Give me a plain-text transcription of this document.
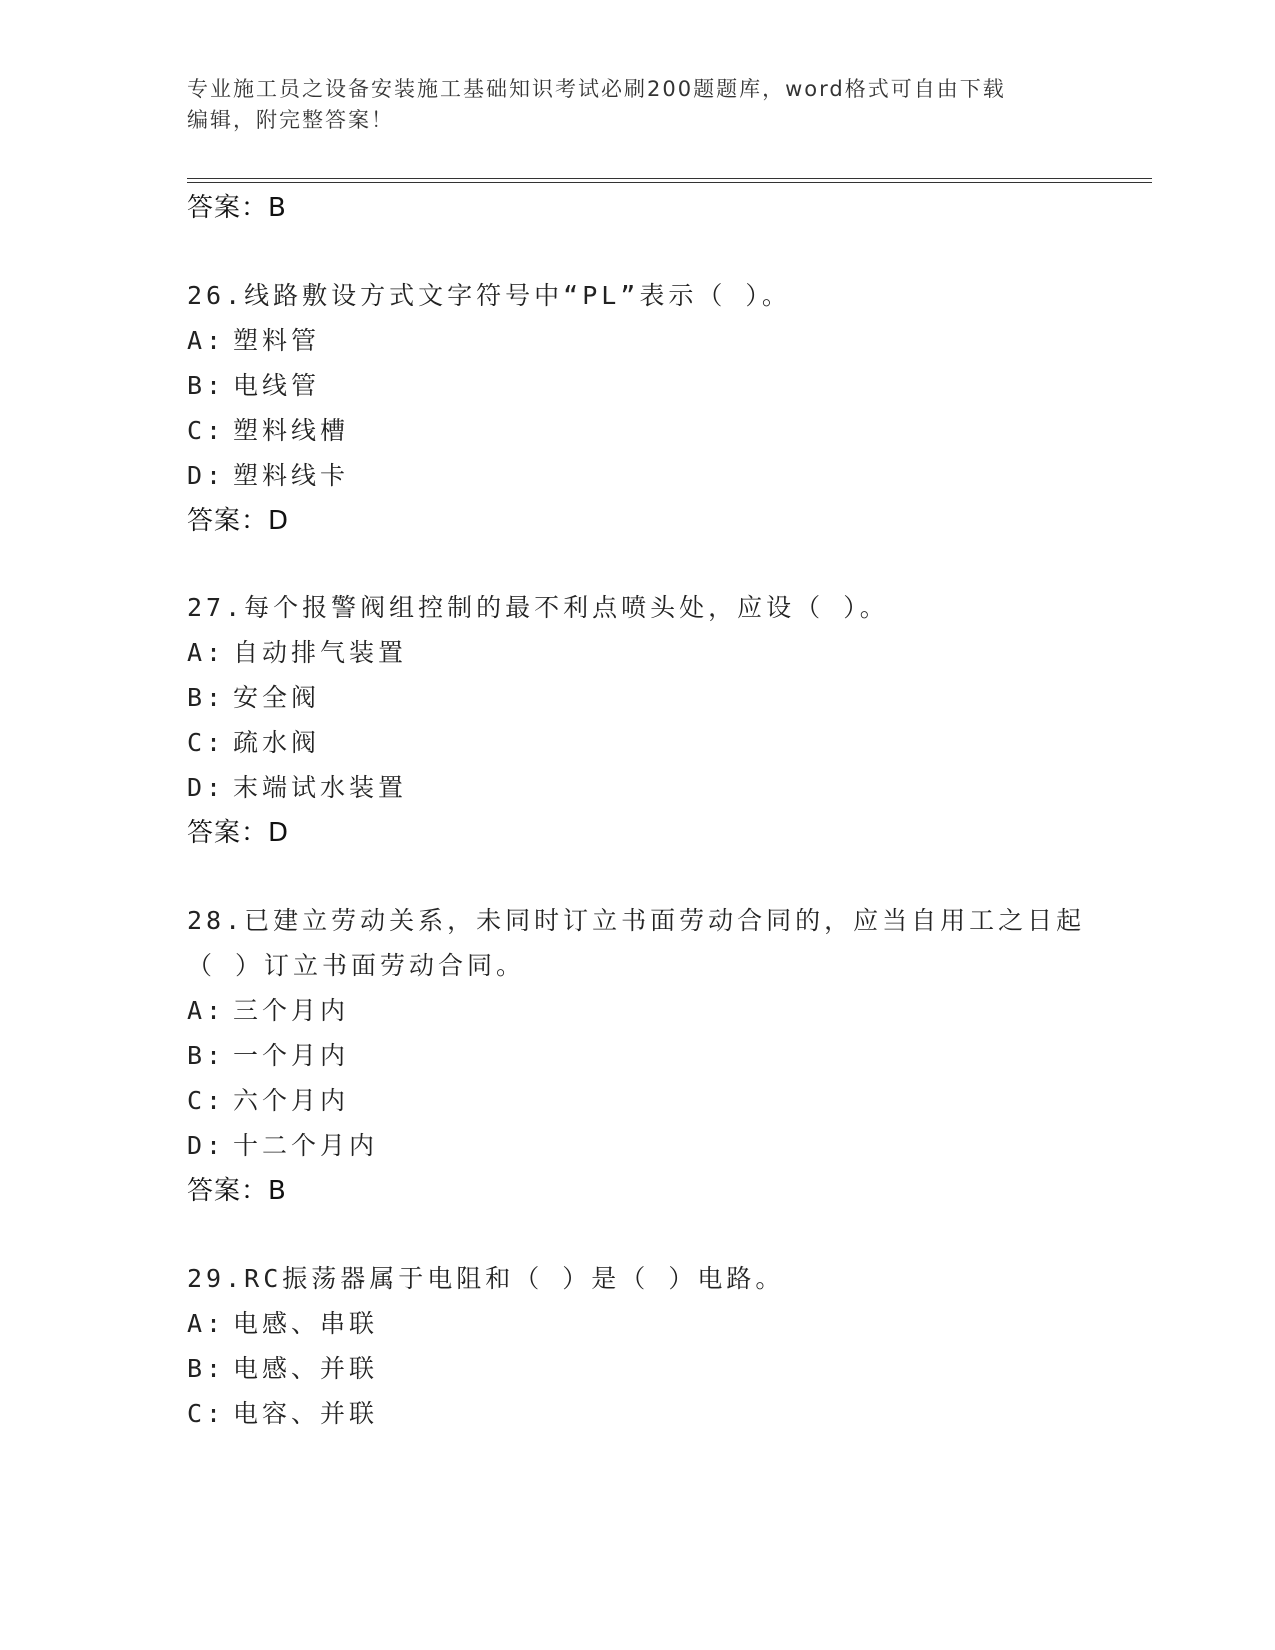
专业施工员之设备安装施工基础知识考试必刷200题题库，word格式可自由下载
编辑，附完整答案！
答案：B
26.线路敷设方式文字符号中“PL”表示（ ）。
A: 塑料管
B: 电线管
C: 塑料线槽
D: 塑料线卡
答案：D
27.每个报警阀组控制的最不利点喷头处，应设（ ）。
A: 自动排气装置
B: 安全阀
C: 疏水阀
D: 末端试水装置
答案：D
28.已建立劳动关系，未同时订立书面劳动合同的，应当自用工之日起
（ ）订立书面劳动合同。
A: 三个月内
B: 一个月内
C: 六个月内
D: 十二个月内
答案：B
29.RC振荡器属于电阻和（ ）是（ ）电路。
A: 电感、串联
B: 电感、并联
C: 电容、并联
